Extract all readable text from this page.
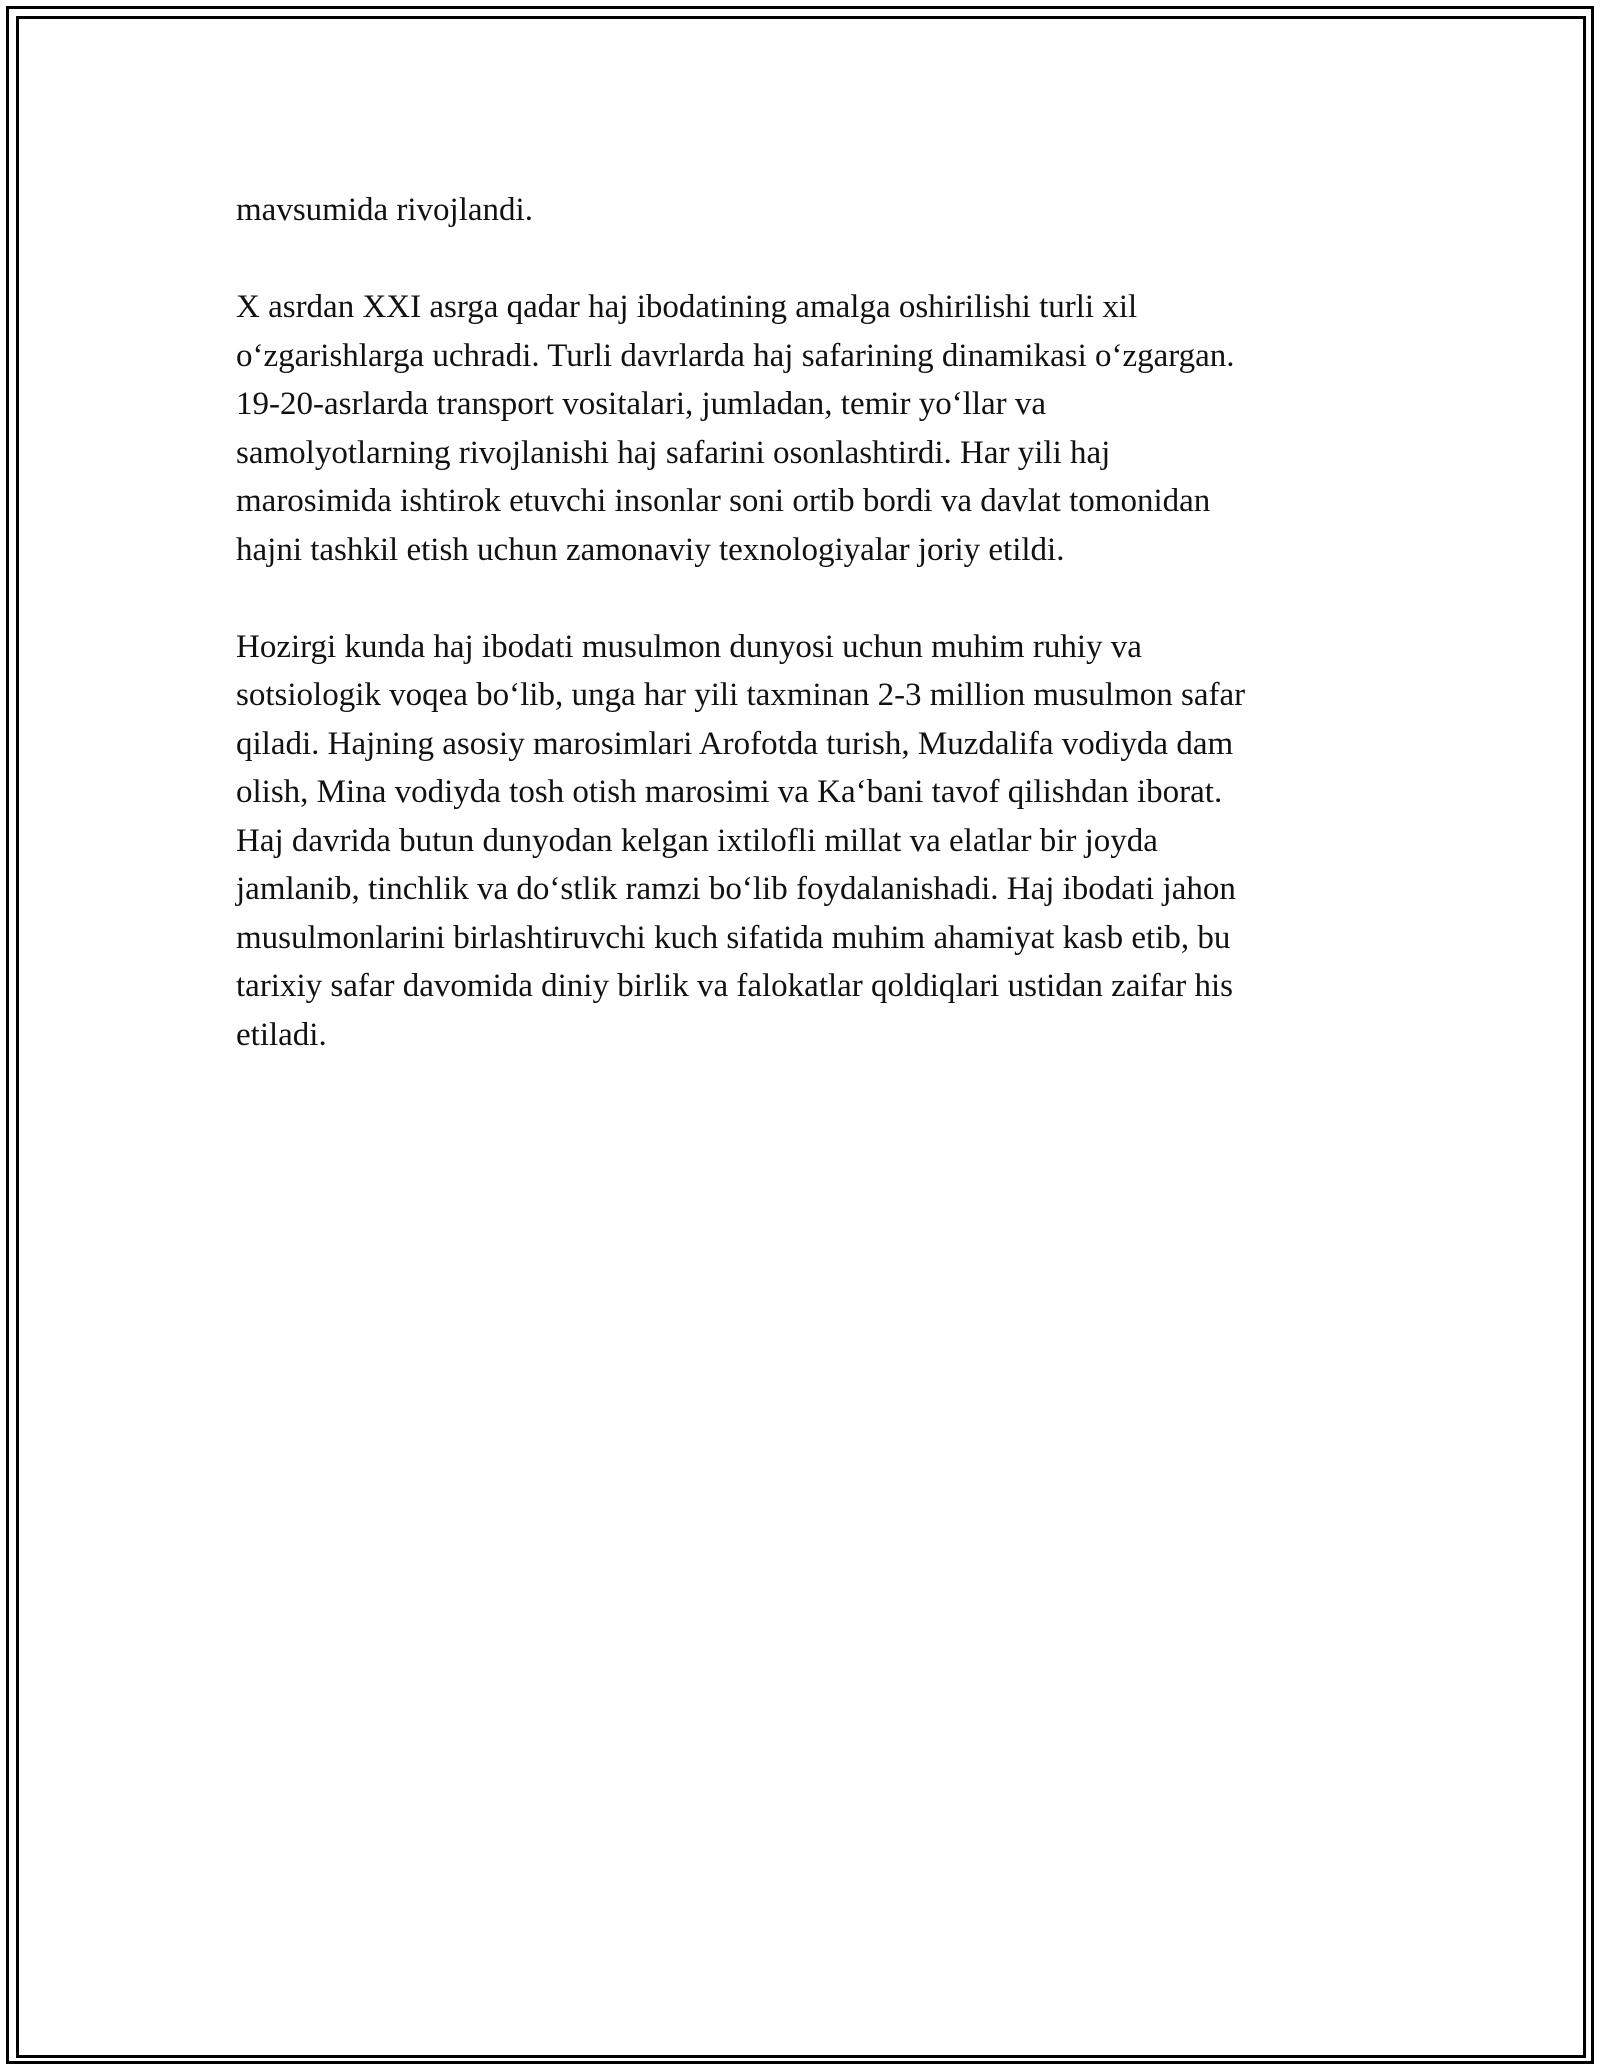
mavsumida rivojlandi.

X asrdan XXI asrga qadar haj ibodatining amalga oshirilishi turli xil
o‘zgarishlarga uchradi. Turli davrlarda haj safarining dinamikasi o‘zgargan.
19-20-asrlarda transport vositalari, jumladan, temir yo‘llar va
samolyotlarning rivojlanishi haj safarini osonlashtirdi. Har yili haj
marosimida ishtirok etuvchi insonlar soni ortib bordi va davlat tomonidan
hajni tashkil etish uchun zamonaviy texnologiyalar joriy etildi.

Hozirgi kunda haj ibodati musulmon dunyosi uchun muhim ruhiy va
sotsiologik voqea bo‘lib, unga har yili taxminan 2-3 million musulmon safar
qiladi. Hajning asosiy marosimlari Arofotda turish, Muzdalifa vodiyda dam
olish, Mina vodiyda tosh otish marosimi va Ka‘bani tavof qilishdan iborat.
Haj davrida butun dunyodan kelgan ixtilofli millat va elatlar bir joyda
jamlanib, tinchlik va do‘stlik ramzi bo‘lib foydalanishadi. Haj ibodati jahon
musulmonlarini birlashtiruvchi kuch sifatida muhim ahamiyat kasb etib, bu
tarixiy safar davomida diniy birlik va falokatlar qoldiqlari ustidan zaifar his
etiladi.
